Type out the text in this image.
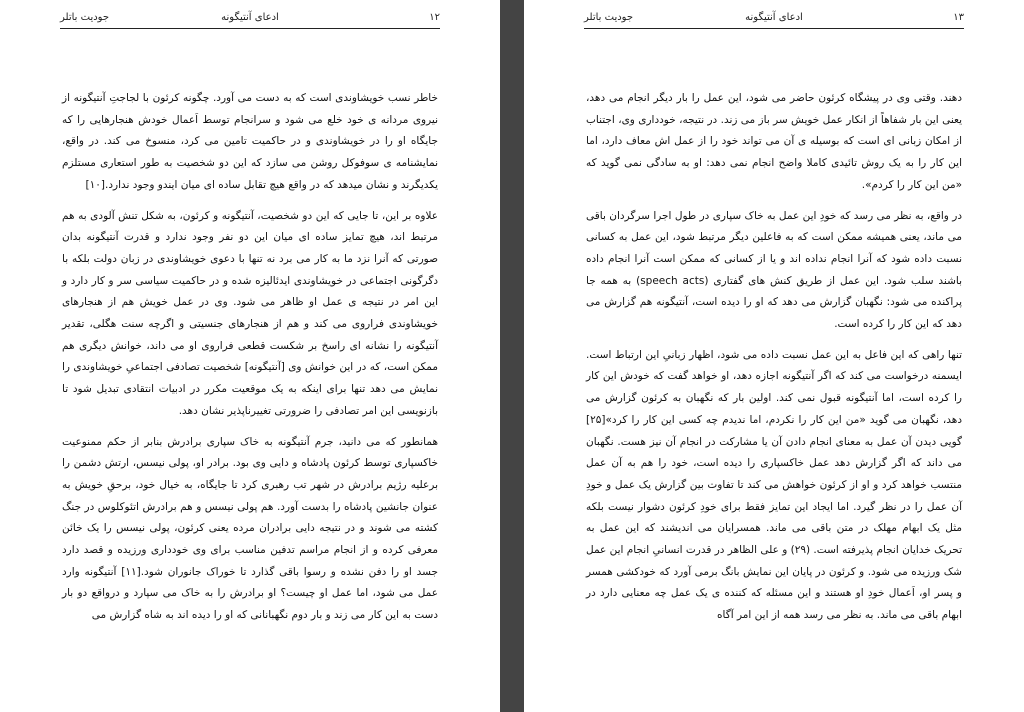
جودیت باتلر	ادعای آنتیگونه	١٢

خاطر نسب خویشاوندی است که به دست می آورد. چگونه کرئون با لجاجتِ آنتیگونه از نیروی مردانه ی خود خلع می شود و سرانجام توسط اَعمال خودش هنجارهایی را که جایگاه او را در خویشاوندی و در حاکمیت تامین می کرد، منسوخ می کند. در واقع، نمایشنامه ی سوفوکل روشن می سازد که این دو شخصیت به طور استعاری مستلزم یکدیگرند و نشان میدهد که در واقع هیچ تقابل ساده ای میان ایندو وجود ندارد.[۱۰]

علاوه بر این، تا جایی که این دو شخصیت، آنتیگونه و کرئون، به شکل تنش آلودی به هم مرتبط اند، هیچ تمایز ساده ای میان این دو نفر وجود ندارد و قدرت آنتیگونه بدان صورتی که آنرا نزد ما به کار می برد نه تنها با دعوی خویشاوندی در زبان دولت بلکه با دگرگونی اجتماعی در خویشاوندی ایدئالیزه شده و در حاکمیت سیاسی سر و کار دارد و این امر در نتیجه ی عمل او ظاهر می شود. وی در عمل خویش هم از هنجارهای خویشاوندی فراروی می کند و هم از هنجارهای جنسیتی و اگرچه سنت هگلی، تقدیر آنتیگونه را نشانه ای راسخ بر شکست قطعی فراروی او می داند، خوانش دیگری هم ممکن است، که در این خوانش وی [آنتیگونه] شخصیت تصادفی اجتماعیِ خویشاوندی را نمایش می دهد تنها برای اینکه به یک موقعیت مکرر در ادبیات انتقادی تبدیل شود تا بازنویسی این امر تصادفی را ضرورتی تغییرناپذیر نشان دهد.

همانطور که می دانید، جرم آنتیگونه به خاک سپاری برادرش بنابر از حکم ممنوعیت خاکسپاری توسط کرئون پادشاه و دایی وی بود. برادر او، پولی نیسس، ارتش دشمن را برعلیه رژیم برادرش در شهر تب رهبری کرد تا جایگاه، به خیال خود، برحقِ خویش به عنوان جانشین پادشاه را بدست آورد. هم پولی نیسس و هم برادرش اتئوکلوس در جنگ کشته می شوند و در نتیجه دایی برادران مرده یعنی کرئون، پولی نیسس را یک خائن معرفی کرده و از انجام مراسم تدفین مناسب برای وی خودداری ورزیده و قصد دارد جسد او را دفن نشده و رسوا باقی گذارد تا خوراک جانوران شود.[۱۱] آنتیگونه وارد عمل می شود، اما عمل او چیست؟ او برادرش را به خاک می سپارد و درواقع دو بار دست به این کار می زند و بار دوم نگهبانانی که او را دیده اند به شاه گزارش می

جودیت باتلر	ادعای آنتیگونه	١٣

دهند. وقتی وی در پیشگاه کرئون حاضر می شود، این عمل را بار دیگر انجام می دهد، یعنی این بار شفاهاً از انکار عمل خویش سر باز می زند. در نتیجه، خودداری وی، اجتناب از امکان زبانی ای است که بوسیله ی آن می تواند خود را از عمل اش معاف دارد، اما این کار را به یک روش تائیدی کاملا واضح انجام نمی دهد: او به سادگی نمی گوید که «من این کار را کردم».

در واقع، به نظر می رسد که خودِ این عمل به خاک سپاری در طول اجرا سرگردان باقی می ماند، یعنی همیشه ممکن است که به فاعلین دیگر مرتبط شود، این عمل به کسانی نسبت داده شود که آنرا انجام نداده اند و یا از کسانی که ممکن است آنرا انجام داده باشند سلب شود. این عمل از طریق کنش های گفتاری (speech acts) به همه جا پراکنده می شود: نگهبان گزارش می دهد که او را دیده است، آنتیگونه هم گزارش می دهد که این کار را کرده است.

تنها راهی که این فاعل به این عمل نسبت داده می شود، اظهار زبانیِ این ارتباط است. ایسمنه درخواست می کند که اگر آنتیگونه اجازه دهد، او خواهد گفت که خودش این کار را کرده است، اما آنتیگونه قبول نمی کند. اولین بار که نگهبان به کرئون گزارش می دهد، نگهبان می گوید «من این کار را نکردم، اما ندیدم چه کسی این کار را کرد»[۲۵] گویی دیدن آن عمل به معنای انجام دادن آن یا مشارکت در انجام آن نیز هست. نگهبان می داند که اگر گزارش دهد عمل خاکسپاری را دیده است، خود را هم به آن عمل منتسب خواهد کرد و او از کرئون خواهش می کند تا تفاوت بین گزارش یک عمل و خودِ آن عمل را در نظر گیرد. اما ایجاد این تمایز فقط برای خودِ کرئون دشوار نیست بلکه مثل یک ابهام مهلک در متن باقی می ماند. همسرایان می اندیشند که این عمل به تحریک خدایان انجام پذیرفته است. (۲۹) و علی الظاهر در قدرت انسانیِ انجام این عمل شک ورزیده می شود. و کرئون در پایان این نمایش بانگ برمی آورد که خودکشی همسر و پسر او، اَعمال خودِ او هستند و این مسئله که کننده ی یک عمل چه معنایی دارد در ابهام باقی می ماند. به نظر می رسد همه از این امر آگاه
